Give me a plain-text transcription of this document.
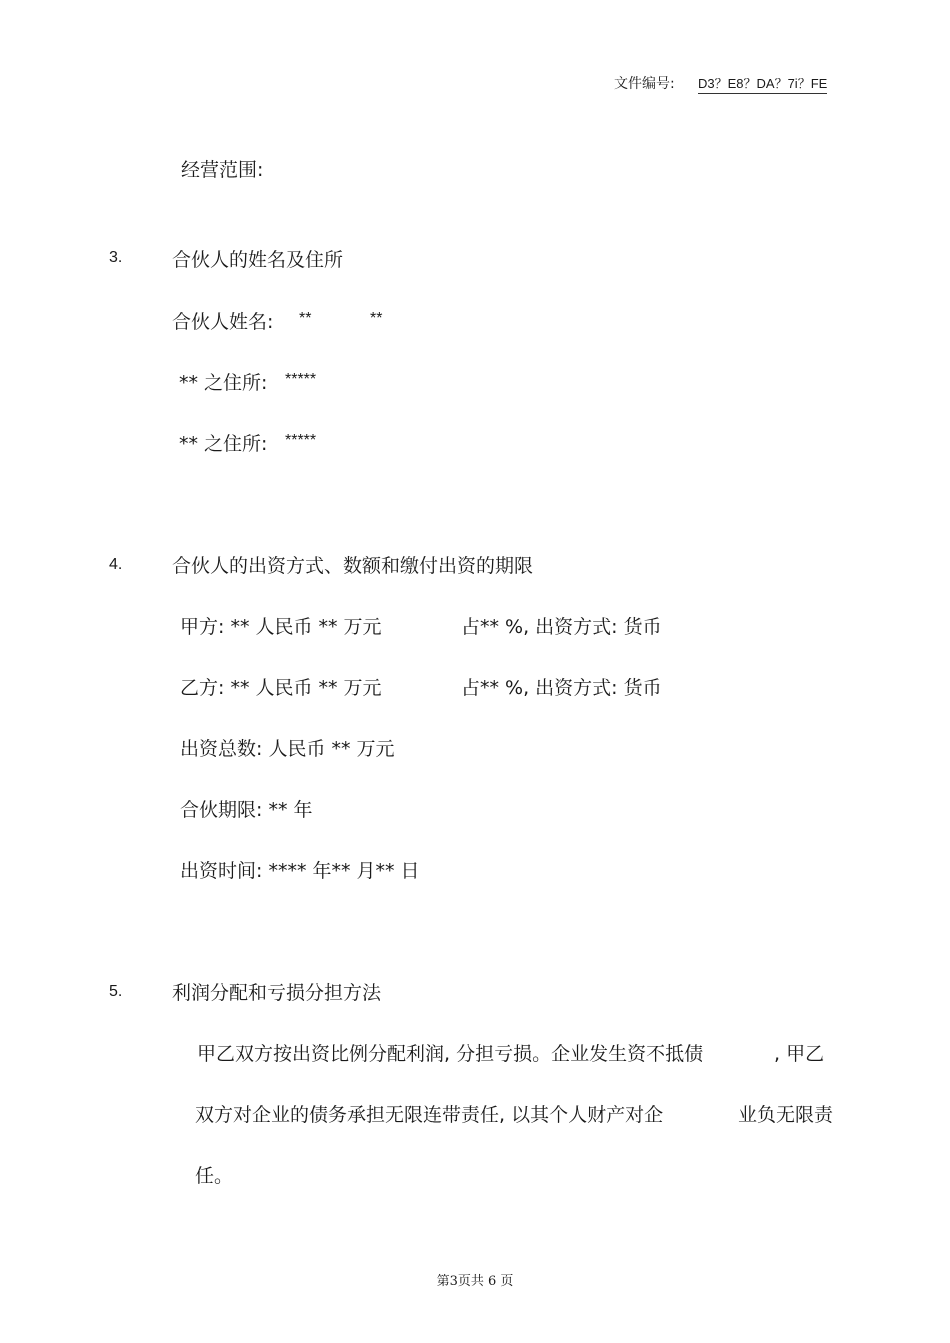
文件编号: D3？E8？DA？7i？FE
经营范围:
3.	合伙人的姓名及住所
合伙人姓名: **	**
** 之住所: *****
** 之住所: *****
4.	合伙人的出资方式、数额和缴付出资的期限
甲方: ** 人民币 ** 万元	占** %, 出资方式: 货币
乙方: ** 人民币 ** 万元	占** %, 出资方式: 货币
出资总数: 人民币 ** 万元
合伙期限: ** 年
出资时间: **** 年** 月** 日
5.	利润分配和亏损分担方法
甲乙双方按出资比例分配利润, 分担亏损。企业发生资不抵债	, 甲乙
双方对企业的债务承担无限连带责任, 以其个人财产对企	业负无限责
任。
第3页共 6 页
